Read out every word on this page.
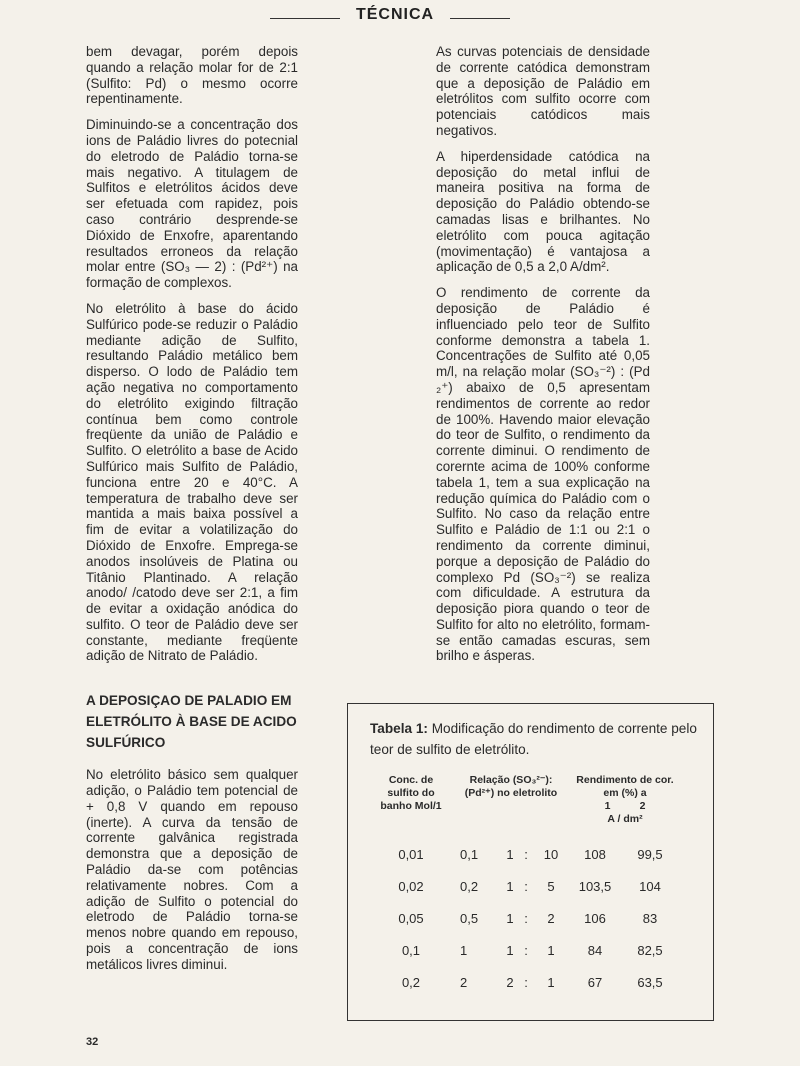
TÉCNICA

bem devagar, porém depois quando a relação molar for de 2:1 (Sulfito: Pd) o mesmo ocorre repentinamente.

Diminuindo-se a concentração dos ions de Paládio livres do potecnial do eletrodo de Paládio torna-se mais negativo. A titulagem de Sulfitos e eletrólitos ácidos deve ser efetuada com rapidez, pois caso contrário desprende-se Dióxido de Enxofre, aparentando resultados erroneos da relação molar entre (SO₃ — 2) : (Pd²⁺) na formação de complexos.

No eletrólito à base do ácido Sulfúrico pode-se reduzir o Paládio mediante adição de Sulfito, resultando Paládio metálico bem disperso. O lodo de Paládio tem ação negativa no comportamento do eletrólito exigindo filtração contínua bem como controle freqüente da união de Paládio e Sulfito. O eletrólito a base de Acido Sulfúrico mais Sulfito de Paládio, funciona entre 20 e 40°C. A temperatura de trabalho deve ser mantida a mais baixa possível a fim de evitar a volatilização do Dióxido de Enxofre. Emprega-se anodos insolúveis de Platina ou Titânio Plantinado. A relação anodo/ /catodo deve ser 2:1, a fim de evitar a oxidação anódica do sulfito. O teor de Paládio deve ser constante, mediante freqüente adição de Nitrato de Paládio.

A DEPOSIÇAO DE PALADIO EM ELETRÓLITO À BASE DE ACIDO SULFÚRICO

No eletrólito básico sem qualquer adição, o Paládio tem potencial de + 0,8 V quando em repouso (inerte). A curva da tensão de corrente galvânica registrada demonstra que a deposição de Paládio da-se com potências relativamente nobres. Com a adição de Sulfito o potencial do eletrodo de Paládio torna-se menos nobre quando em repouso, pois a concentração de ions metálicos livres diminui.

As curvas potenciais de densidade de corrente catódica demonstram que a deposição de Paládio em eletrólitos com sulfito ocorre com potenciais catódicos mais negativos.

A hiperdensidade catódica na deposição do metal influi de maneira positiva na forma de deposição do Paládio obtendo-se camadas lisas e brilhantes. No eletrólito com pouca agitação (movimentação) é vantajosa a aplicação de 0,5 a 2,0 A/dm².

O rendimento de corrente da deposição de Paládio é influenciado pelo teor de Sulfito conforme demonstra a tabela 1. Concentrações de Sulfito até 0,05 m/l, na relação molar (SO₃⁻²) : (Pd ₂⁺) abaixo de 0,5 apresentam rendimentos de corrente ao redor de 100%. Havendo maior elevação do teor de Sulfito, o rendimento da corrente diminui. O rendimento de corernte acima de 100% conforme tabela 1, tem a sua explicação na redução química do Paládio com o Sulfito. No caso da relação entre Sulfito e Paládio de 1:1 ou 2:1 o rendimento da corrente diminui, porque a deposição de Paládio do complexo Pd (SO₃⁻²) se realiza com dificuldade. A estrutura da deposição piora quando o teor de Sulfito for alto no eletrólito, formam-se então camadas escuras, sem brilho e ásperas.

Tabela 1: Modificação do rendimento de corrente pelo teor de sulfito de eletrólito.

Conc. de sulfito do banho Mol/1	Relação (SO₃²⁻): (Pd²⁺) no eletrolito				Rendimento de cor. em (%) a
1          2
A / dm²	

0,01	0,1	1	:	10	108	99,5
0,02	0,2	1	:	5	103,5	104
0,05	0,5	1	:	2	106	83
0,1	1	1	:	1	84	82,5
0,2	2	2	:	1	67	63,5
32
